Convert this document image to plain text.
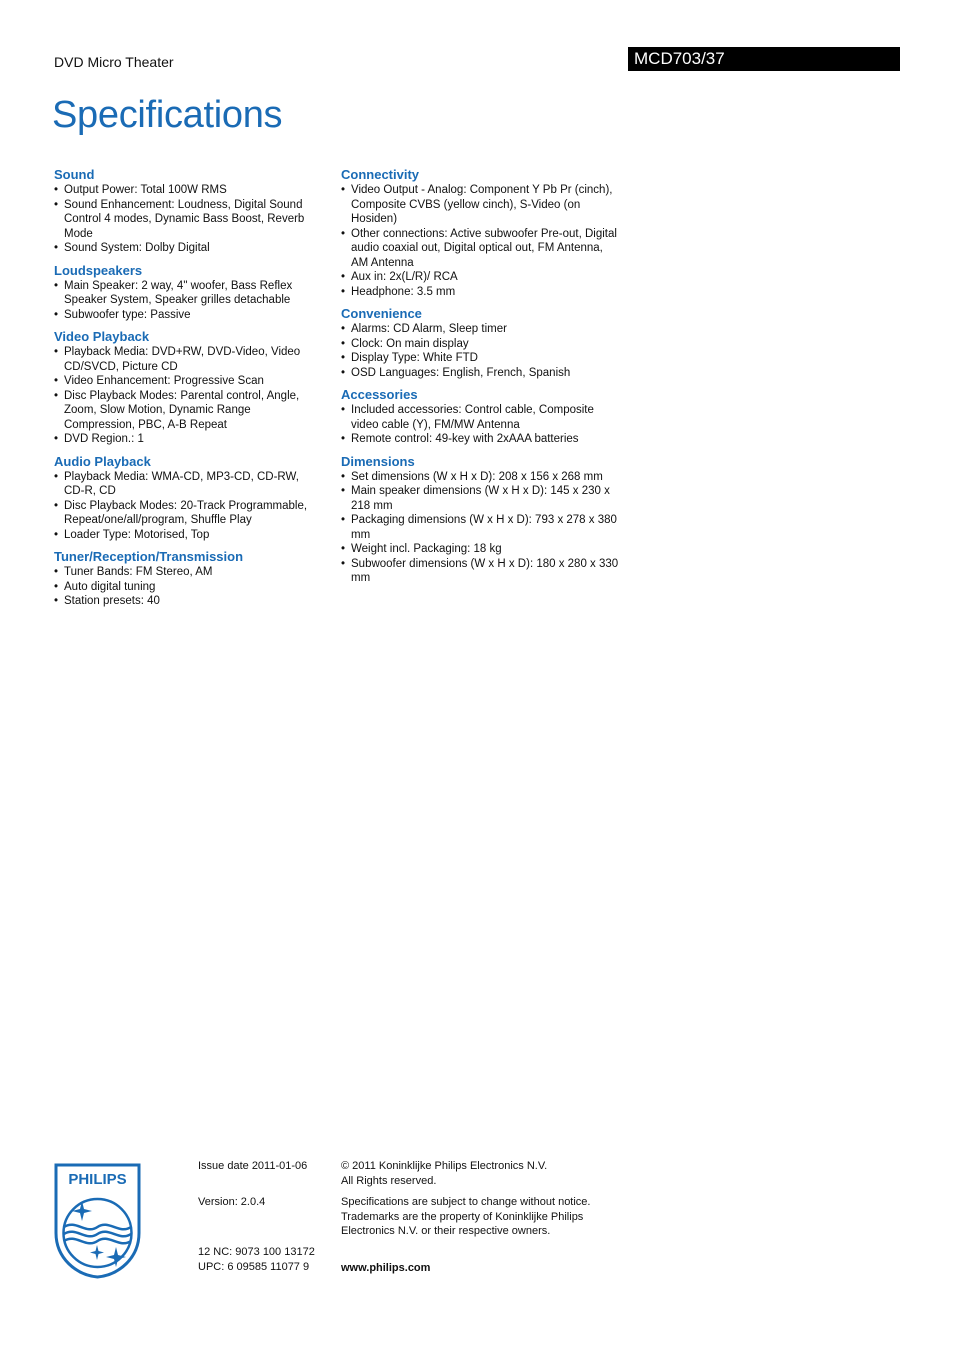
DVD Micro Theater	MCD703/37
Specifications
Sound
• Output Power: Total 100W RMS
• Sound Enhancement: Loudness, Digital Sound Control 4 modes, Dynamic Bass Boost, Reverb Mode
• Sound System: Dolby Digital
Loudspeakers
• Main Speaker: 2 way, 4" woofer, Bass Reflex Speaker System, Speaker grilles detachable
• Subwoofer type: Passive
Video Playback
• Playback Media: DVD+RW, DVD-Video, Video CD/SVCD, Picture CD
• Video Enhancement: Progressive Scan
• Disc Playback Modes: Parental control, Angle, Zoom, Slow Motion, Dynamic Range Compression, PBC, A-B Repeat
• DVD Region.: 1
Audio Playback
• Playback Media: WMA-CD, MP3-CD, CD-RW, CD-R, CD
• Disc Playback Modes: 20-Track Programmable, Repeat/one/all/program, Shuffle Play
• Loader Type: Motorised, Top
Tuner/Reception/Transmission
• Tuner Bands: FM Stereo, AM
• Auto digital tuning
• Station presets: 40
Connectivity
• Video Output - Analog: Component Y Pb Pr (cinch), Composite CVBS (yellow cinch), S-Video (on Hosiden)
• Other connections: Active subwoofer Pre-out, Digital audio coaxial out, Digital optical out, FM Antenna, AM Antenna
• Aux in: 2x(L/R)/ RCA
• Headphone: 3.5 mm
Convenience
• Alarms: CD Alarm, Sleep timer
• Clock: On main display
• Display Type: White FTD
• OSD Languages: English, French, Spanish
Accessories
• Included accessories: Control cable, Composite video cable (Y), FM/MW Antenna
• Remote control: 49-key with 2xAAA batteries
Dimensions
• Set dimensions (W x H x D): 208 x 156 x 268 mm
• Main speaker dimensions (W x H x D): 145 x 230 x 218 mm
• Packaging dimensions (W x H x D): 793 x 278 x 380 mm
• Weight incl. Packaging: 18 kg
• Subwoofer dimensions (W x H x D): 180 x 280 x 330 mm
PHILIPS
Issue date 2011-01-06
Version: 2.0.4
12 NC: 9073 100 13172
UPC: 6 09585 11077 9
© 2011 Koninklijke Philips Electronics N.V.
All Rights reserved.
Specifications are subject to change without notice.
Trademarks are the property of Koninklijke Philips
Electronics N.V. or their respective owners.
www.philips.com
